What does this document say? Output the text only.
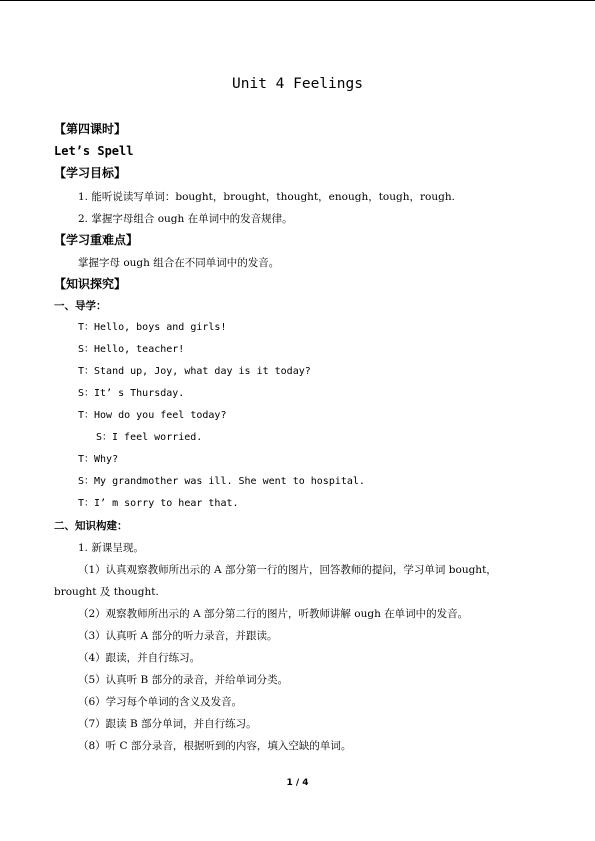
Unit 4 Feelings
【第四课时】
Let’s Spell
【学习目标】
1. 能听说读写单词：bought，brought，thought，enough，tough，rough.
2. 掌握字母组合 ough 在单词中的发音规律。
【学习重难点】
掌握字母 ough 组合在不同单词中的发音。
【知识探究】
一、导学：
T：Hello, boys and girls!
S：Hello, teacher!
T：Stand up, Joy, what day is it today?
S：It’ s Thursday.
T：How do you feel today?
S：I feel worried.
T：Why?
S：My grandmother was ill. She went to hospital.
T：I’ m sorry to hear that.
二、知识构建：
1. 新课呈现。
（1）认真观察教师所出示的 A 部分第一行的图片，回答教师的提问，学习单词 bought，
brought 及 thought.
（2）观察教师所出示的 A 部分第二行的图片，听教师讲解 ough 在单词中的发音。
（3）认真听 A 部分的听力录音，并跟读。
（4）跟读，并自行练习。
（5）认真听 B 部分的录音，并给单词分类。
（6）学习每个单词的含义及发音。
（7）跟读 B 部分单词，并自行练习。
（8）听 C 部分录音，根据听到的内容，填入空缺的单词。
1 / 4
